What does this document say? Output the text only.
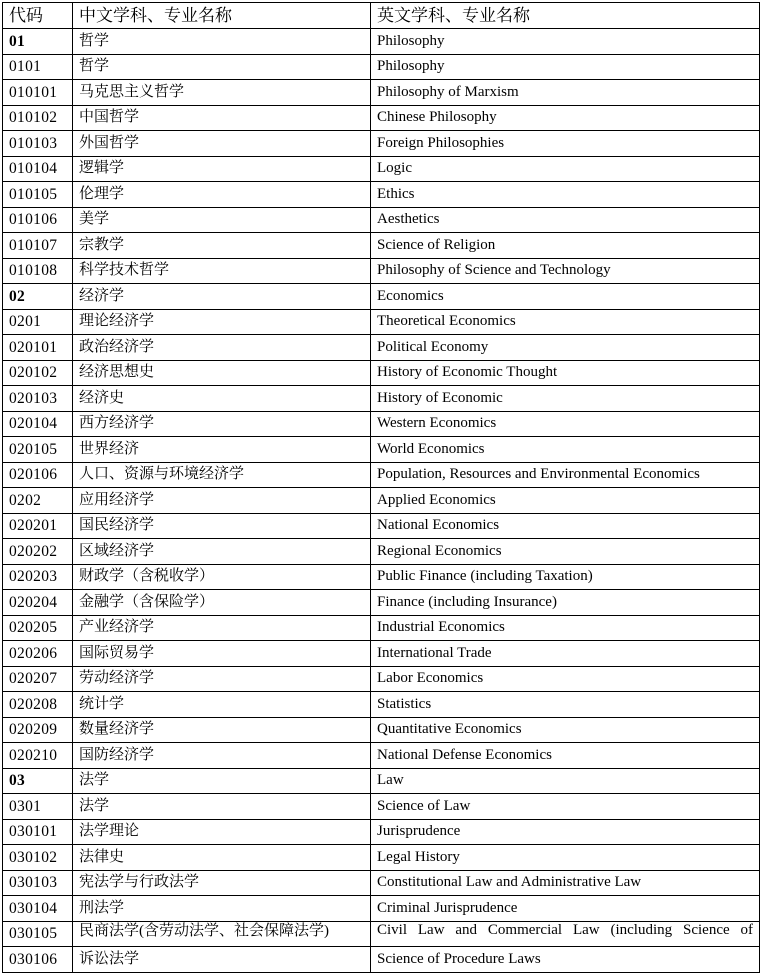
代码	中文学科、专业名称	英文学科、专业名称
01	哲学	Philosophy
0101	哲学	Philosophy
010101	马克思主义哲学	Philosophy of Marxism
010102	中国哲学	Chinese Philosophy
010103	外国哲学	Foreign Philosophies
010104	逻辑学	Logic
010105	伦理学	Ethics
010106	美学	Aesthetics
010107	宗教学	Science of Religion
010108	科学技术哲学	Philosophy of Science and Technology
02	经济学	Economics
0201	理论经济学	Theoretical Economics
020101	政治经济学	Political Economy
020102	经济思想史	History of Economic Thought
020103	经济史	History of Economic
020104	西方经济学	Western Economics
020105	世界经济	World Economics
020106	人口、资源与环境经济学	Population, Resources and Environmental Economics
0202	应用经济学	Applied Economics
020201	国民经济学	National Economics
020202	区域经济学	Regional Economics
020203	财政学（含税收学）	Public Finance (including Taxation)
020204	金融学（含保险学）	Finance (including Insurance)
020205	产业经济学	Industrial Economics
020206	国际贸易学	International Trade
020207	劳动经济学	Labor Economics
020208	统计学	Statistics
020209	数量经济学	Quantitative Economics
020210	国防经济学	National Defense Economics
03	法学	Law
0301	法学	Science of Law
030101	法学理论	Jurisprudence
030102	法律史	Legal History
030103	宪法学与行政法学	Constitutional Law and Administrative Law
030104	刑法学	Criminal Jurisprudence
030105	民商法学(含劳动法学、社会保障法学)	Civil Law and Commercial Law (including Science of

030106	诉讼法学	Science of Procedure Laws
